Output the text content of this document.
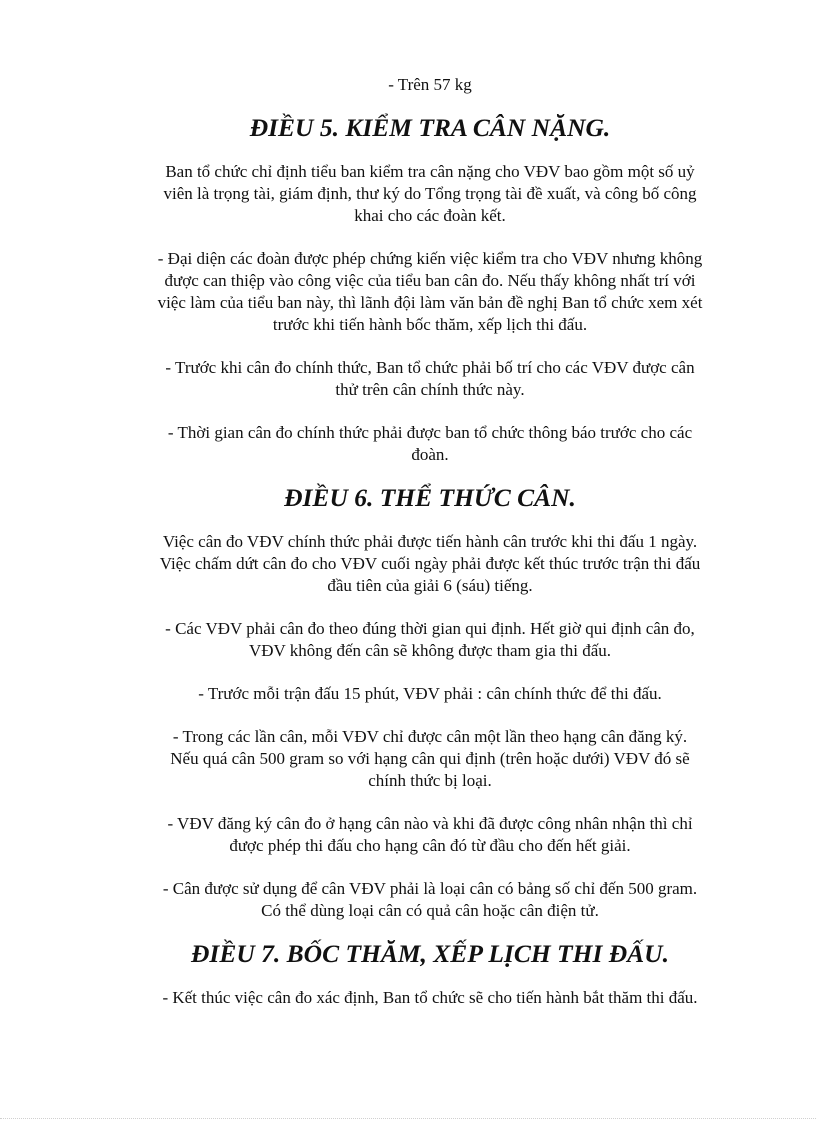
- Trên 57 kg

ĐIỀU 5. KIỂM TRA CÂN NẶNG.

Ban tổ chức chỉ định tiểu ban kiểm tra cân nặng cho VĐV bao gồm một số uỷ
viên là trọng tài, giám định, thư ký do Tổng trọng tài đề xuất, và công bố công
khai cho các đoàn kết.

- Đại diện các đoàn được phép chứng kiến việc kiểm tra cho VĐV nhưng không
được can thiệp vào công việc của tiểu ban cân đo. Nếu thấy không nhất trí với
việc làm của tiểu ban này, thì lãnh đội làm văn bản đề nghị Ban tổ chức xem xét
trước khi tiến hành bốc thăm, xếp lịch thi đấu.

- Trước khi cân đo chính thức, Ban tổ chức phải bố trí cho các VĐV được cân
thử trên cân chính thức này.

- Thời gian cân đo chính thức phải được ban tổ chức thông báo trước cho các
đoàn.

ĐIỀU 6. THỂ THỨC CÂN.

Việc cân đo VĐV chính thức phải được tiến hành cân trước khi thi đấu 1 ngày.
Việc chấm dứt cân đo cho VĐV cuối ngày phải được kết thúc trước trận thi đấu
đầu tiên của giải 6 (sáu) tiếng.

- Các VĐV phải cân đo theo đúng thời gian qui định. Hết giờ qui định cân đo,
VĐV không đến cân sẽ không được tham gia thi đấu.

- Trước mỗi trận đấu 15 phút, VĐV phải : cân chính thức để thi đấu.

- Trong các lần cân, mỗi VĐV chỉ được cân một lần theo hạng cân đăng ký.
Nếu quá cân 500 gram so với hạng cân qui định (trên hoặc dưới) VĐV đó sẽ
chính thức bị loại.

- VĐV đăng ký cân đo ở hạng cân nào và khi đã được công nhân nhận thì chỉ
được phép thi đấu cho hạng cân đó từ đầu cho đến hết giải.

- Cân được sử dụng để cân VĐV phải là loại cân có bảng số chỉ đến 500 gram.
Có thể dùng loại cân có quả cân hoặc cân điện tử.

ĐIỀU 7. BỐC THĂM, XẾP LỊCH THI ĐẤU.

- Kết thúc việc cân đo xác định, Ban tổ chức sẽ cho tiến hành bắt thăm thi đấu.
